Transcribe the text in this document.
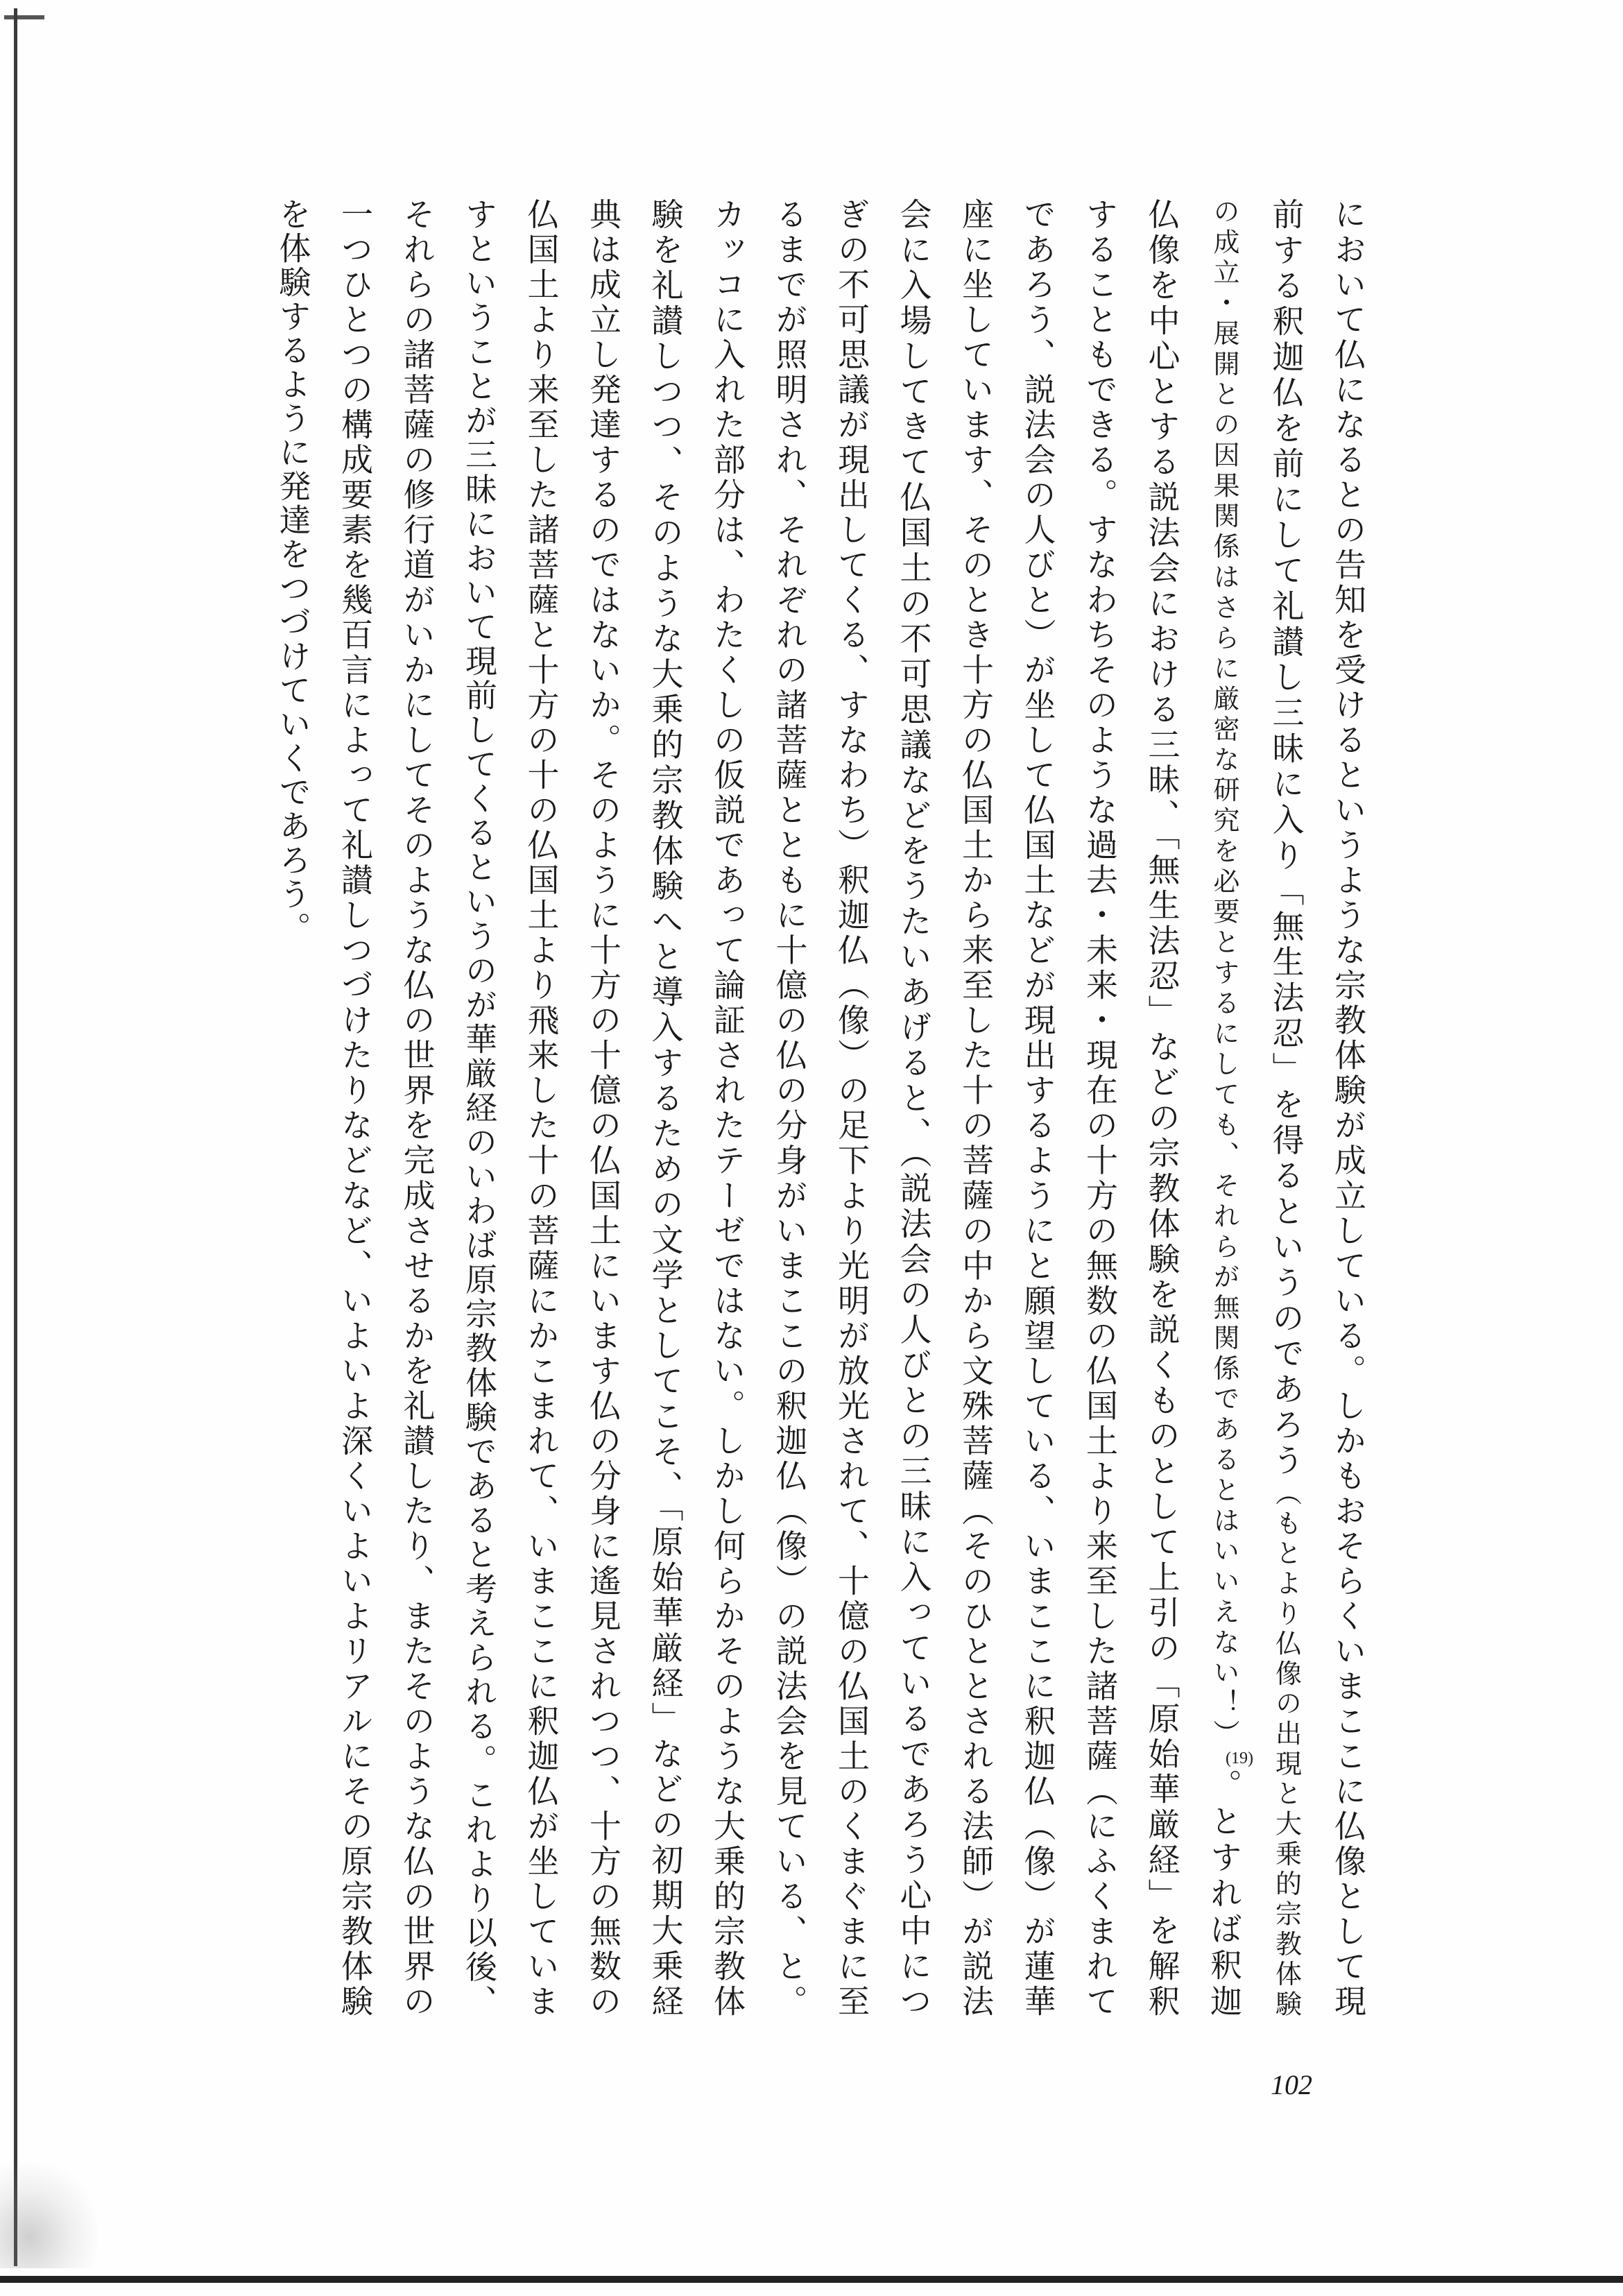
において仏になるとの告知を受けるというような宗教体験が成立している。しかもおそらくいまここに仏像として現

前する釈迦仏を前にして礼讃し三昧に入り「無生法忍」を得るというのであろう（もとより仏像の出現と大乗的宗教体験

の成立・展開との因果関係はさらに厳密な研究を必要とするにしても、それらが無関係であるとはいいえない！）(19)。とすれば釈迦

仏像を中心とする説法会における三昧、「無生法忍」などの宗教体験を説くものとして上引の「原始華厳経」を解釈

することもできる。すなわちそのような過去・未来・現在の十方の無数の仏国土より来至した諸菩薩（にふくまれて

であろう、説法会の人びと）が坐して仏国土などが現出するようにと願望している、いまここに釈迦仏（像）が蓮華

座に坐しています、そのとき十方の仏国土から来至した十の菩薩の中から文殊菩薩（そのひととされる法師）が説法

会に入場してきて仏国土の不可思議などをうたいあげると、（説法会の人びとの三昧に入っているであろう心中につ

ぎの不可思議が現出してくる、すなわち）釈迦仏（像）の足下より光明が放光されて、十億の仏国土のくまぐまに至

るまでが照明され、それぞれの諸菩薩とともに十億の仏の分身がいまここの釈迦仏（像）の説法会を見ている、と。

カッコに入れた部分は、わたくしの仮説であって論証されたテーゼではない。しかし何らかそのような大乗的宗教体

験を礼讃しつつ、そのような大乗的宗教体験へと導入するための文学としてこそ、「原始華厳経」などの初期大乗経

典は成立し発達するのではないか。そのように十方の十億の仏国土にいます仏の分身に遙見されつつ、十方の無数の

仏国土より来至した諸菩薩と十方の十の仏国土より飛来した十の菩薩にかこまれて、いまここに釈迦仏が坐していま

すということが三昧において現前してくるというのが華厳経のいわば原宗教体験であると考えられる。これより以後、

それらの諸菩薩の修行道がいかにしてそのような仏の世界を完成させるかを礼讃したり、またそのような仏の世界の

一つひとつの構成要素を幾百言によって礼讃しつづけたりなどなど、いよいよ深くいよいよリアルにその原宗教体験

を体験するように発達をつづけていくであろう。

102
